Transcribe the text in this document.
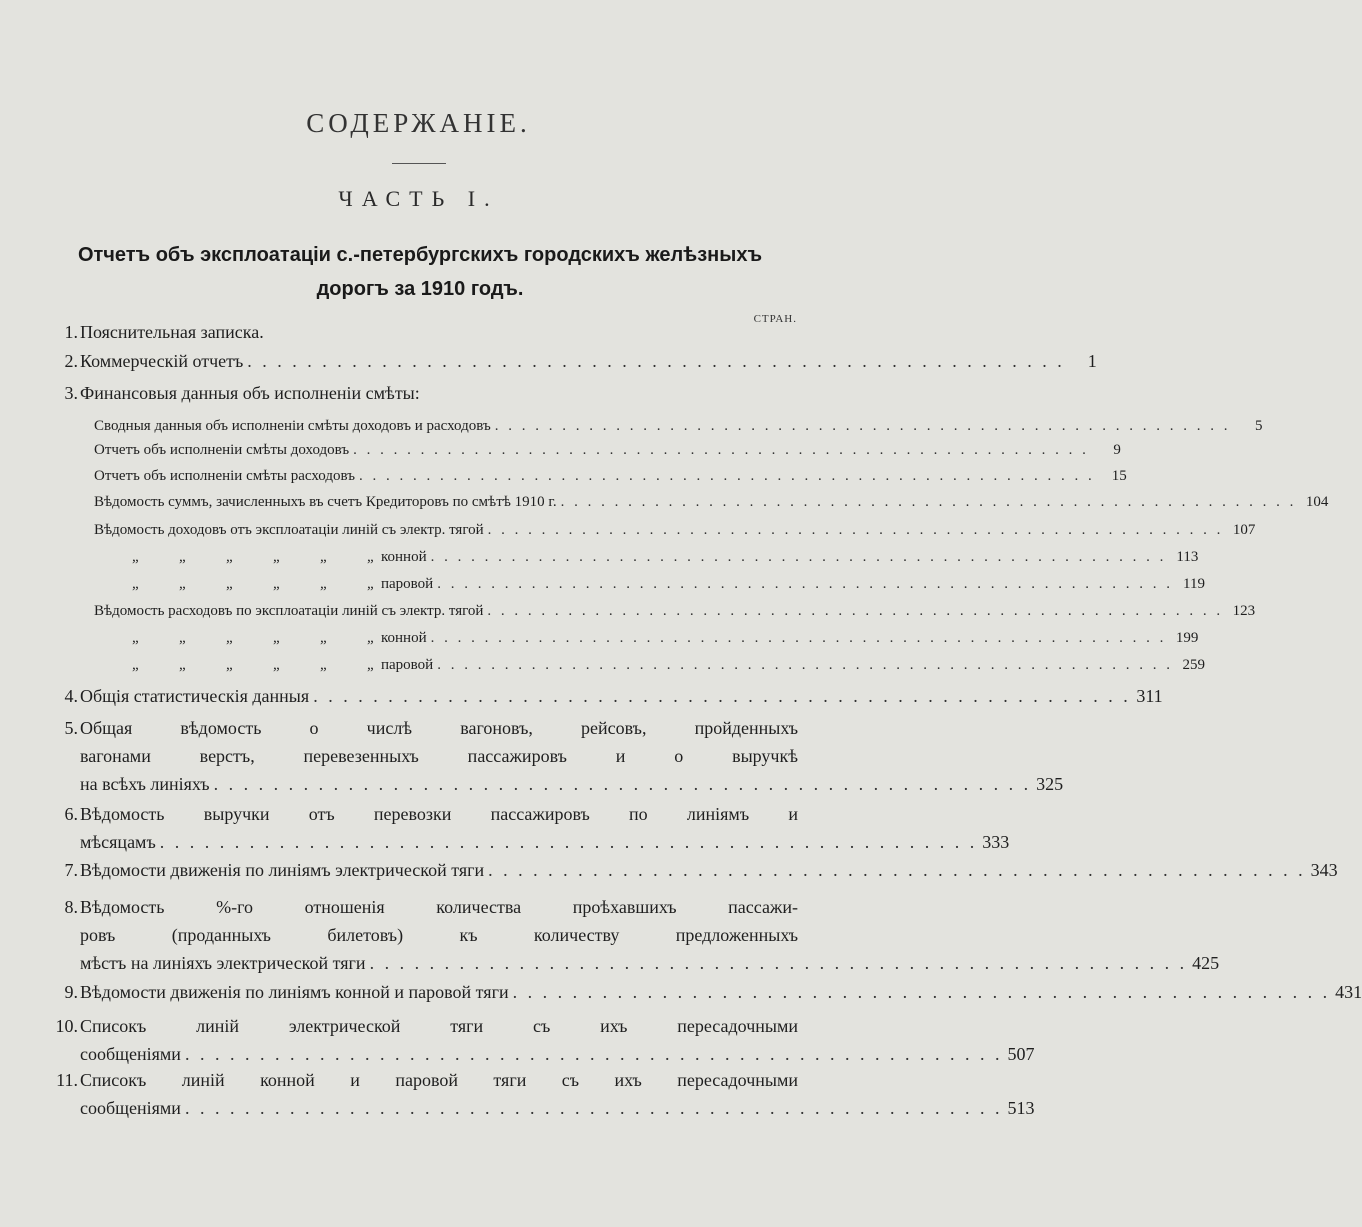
СОДЕРЖАНІЕ.
ЧАСТЬ I.
Отчетъ объ эксплоатаціи с.-петербургскихъ городскихъ желѣзныхъ
дорогъ за 1910 годъ.
СТРАН.
1. Пояснительная записка.
2. Коммерческій отчетъ . . . . . . . . . . . . . . . . . . . . . . . . . . . . . . . . . . . . . . . . . . . . . . . . . . . . . . .	1
3. Финансовыя данныя объ исполненіи смѣты:
Сводныя данныя объ исполненіи смѣты доходовъ и расходовъ . . . . . . . . . . . . . . . . . . . . . . . . . . . . . . . . . . . . . . . . . . . . . . . . . . . . . . .	5
Отчетъ объ исполненіи смѣты доходовъ . . . . . . . . . . . . . . . . . . . . . . . . . . . . . . . . . . . . . . . . . . . . . . . . . . . . . . .	9
Отчетъ объ исполненіи смѣты расходовъ . . . . . . . . . . . . . . . . . . . . . . . . . . . . . . . . . . . . . . . . . . . . . . . . . . . . . . .	15
Вѣдомость суммъ, зачисленныхъ въ счетъ Кредиторовъ по смѣтѣ 1910 г. . . . . . . . . . . . . . . . . . . . . . . . . . . . . . . . . . . . . . . . . . . . . . . . . . . . . . . . 104
Вѣдомость доходовъ отъ эксплоатаціи линій съ электр. тягой . . . . . . . . . . . . . . . . . . . . . . . . . . . . . . . . . . . . . . . . . . . . . . . . . . . . . . . 107
„	„	„	„	„	„ конной . . . . . . . . . . . . . . . . . . . . . . . . . . . . . . . . . . . . . . . . . . . . . . . . . . . . . . . 113
„	„	„	„	„	„ паровой . . . . . . . . . . . . . . . . . . . . . . . . . . . . . . . . . . . . . . . . . . . . . . . . . . . . . . . 119
Вѣдомость расходовъ по эксплоатаціи линій съ электр. тягой . . . . . . . . . . . . . . . . . . . . . . . . . . . . . . . . . . . . . . . . . . . . . . . . . . . . . . . 123
„	„	„	„	„	„ конной . . . . . . . . . . . . . . . . . . . . . . . . . . . . . . . . . . . . . . . . . . . . . . . . . . . . . . . 199
„	„	„	„	„	„ паровой . . . . . . . . . . . . . . . . . . . . . . . . . . . . . . . . . . . . . . . . . . . . . . . . . . . . . . . 259
4. Общія статистическія данныя . . . . . . . . . . . . . . . . . . . . . . . . . . . . . . . . . . . . . . . . . . . . . . . . . . . . . . . 311
5. Общая вѣдомость о числѣ вагоновъ, рейсовъ, пройденныхъ
вагонами верстъ, перевезенныхъ пассажировъ и о выручкѣ
на всѣхъ линіяхъ . . . . . . . . . . . . . . . . . . . . . . . . . . . . . . . . . . . . . . . . . . . . . . . . . . . . . . . 325
6. Вѣдомость выручки отъ перевозки пассажировъ по линіямъ и
мѣсяцамъ . . . . . . . . . . . . . . . . . . . . . . . . . . . . . . . . . . . . . . . . . . . . . . . . . . . . . . . 333
7. Вѣдомости движенія по линіямъ электрической тяги . . . . . . . . . . . . . . . . . . . . . . . . . . . . . . . . . . . . . . . . . . . . . . . . . . . . . . . 343
8. Вѣдомость %-го отношенія количества проѣхавшихъ пассажи-
ровъ (проданныхъ билетовъ) къ количеству предложенныхъ
мѣстъ на линіяхъ электрической тяги . . . . . . . . . . . . . . . . . . . . . . . . . . . . . . . . . . . . . . . . . . . . . . . . . . . . . . . 425
9. Вѣдомости движенія по линіямъ конной и паровой тяги . . . . . . . . . . . . . . . . . . . . . . . . . . . . . . . . . . . . . . . . . . . . . . . . . . . . . . . 431
10. Списокъ линій электрической тяги съ ихъ пересадочными
сообщеніями . . . . . . . . . . . . . . . . . . . . . . . . . . . . . . . . . . . . . . . . . . . . . . . . . . . . . . . 507
11. Списокъ линій конной и паровой тяги съ ихъ пересадочными
сообщеніями . . . . . . . . . . . . . . . . . . . . . . . . . . . . . . . . . . . . . . . . . . . . . . . . . . . . . . . 513
